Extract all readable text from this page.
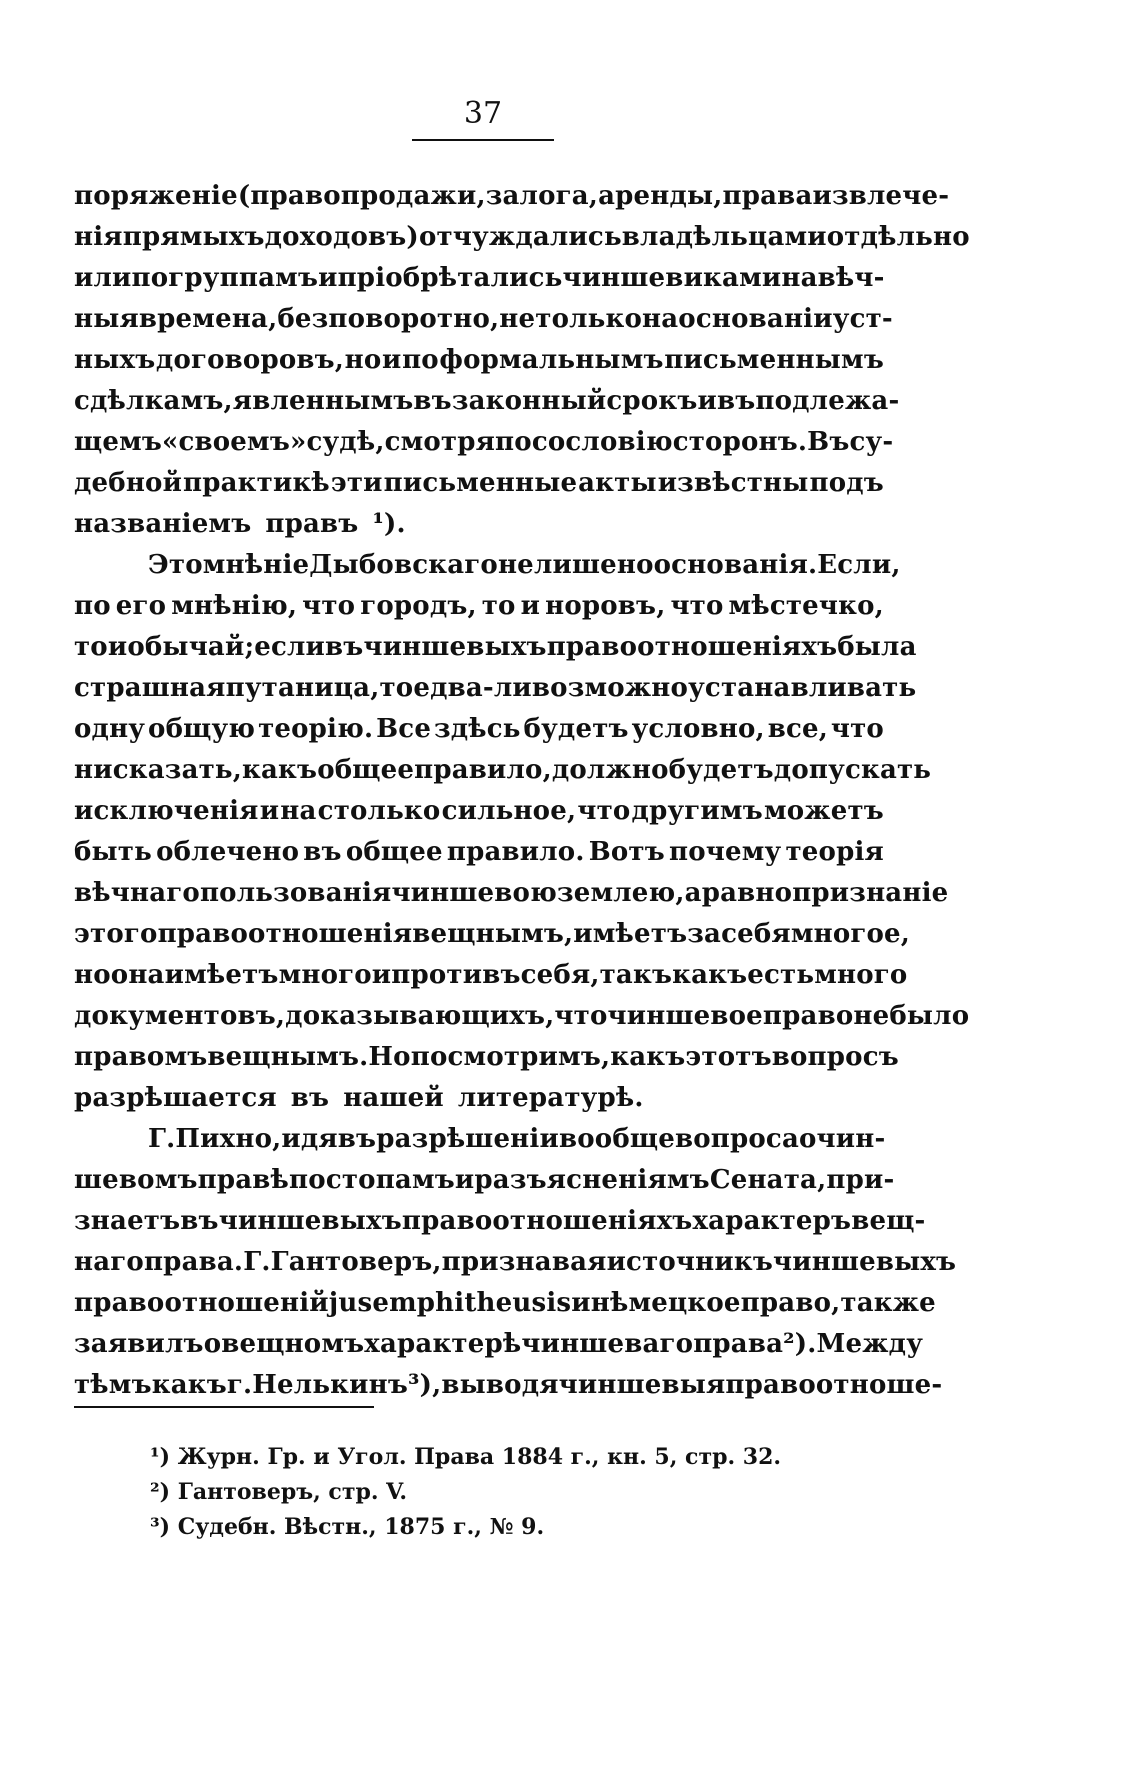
37
поряженіе (право продажи, залога, аренды, права извлече-
нія прямыхъ доходовъ) отчуждались владѣльцами отдѣльно
или по группамъ и пріобрѣтались чиншевиками на вѣч-
ныя времена, безповоротно, не только на основаніи уст-
ныхъ договоровъ, но и по формальнымъ письменнымъ
сдѣлкамъ, явленнымъ въ законный срокъ и въ подлежа-
щемъ «своемъ» судѣ, смотря по сословію сторонъ. Въ су-
дебной практикѣ эти письменные акты извѣстны подъ
названіемъ правъ ¹).
Это мнѣніе Дыбовскаго не лишено основанія. Если,
по его мнѣнію, что городъ, то и норовъ, что мѣстечко,
то и обычай; если въ чиншевыхъ правоотношеніяхъ была
страшная путаница, то едва-ли возможно устанавливать
одну общую теорію. Все здѣсь будетъ условно, все, что
ни сказать, какъ общее правило, должно будетъ допускать
исключенія и на столько сильное, что другимъ можетъ
быть облечено въ общее правило. Вотъ почему теорія
вѣчнаго пользованія чиншевою землею, а равно признаніе
этого правоотношенія вещнымъ, имѣетъ за себя многое,
но она имѣетъ много и противъ себя, такъ какъ есть много
документовъ, доказывающихъ, что чиншевое право не было
правомъ вещнымъ. Но посмотримъ, какъ этотъ вопросъ
разрѣшается въ нашей литературѣ.
Г. Пихно, идя въ разрѣшеніи вообще вопроса о чин-
шевомъ правѣ по стопамъ и разъясненіямъ Сената, при-
знаетъ въ чиншевыхъ правоотношеніяхъ характеръ вещ-
наго права. Г. Гантоверъ, признавая источникъ чиншевыхъ
правоотношеній jus emphitheusis и нѣмецкое право, также
заявилъ о вещномъ характерѣ чиншеваго права ²). Между
тѣмъ какъ г. Нелькинъ ³), выводя чиншевыя правоотноше-
¹) Журн. Гр. и Угол. Права 1884 г., кн. 5, стр. 32.
²) Гантоверъ, стр. V.
³) Судебн. Вѣстн., 1875 г., № 9.
